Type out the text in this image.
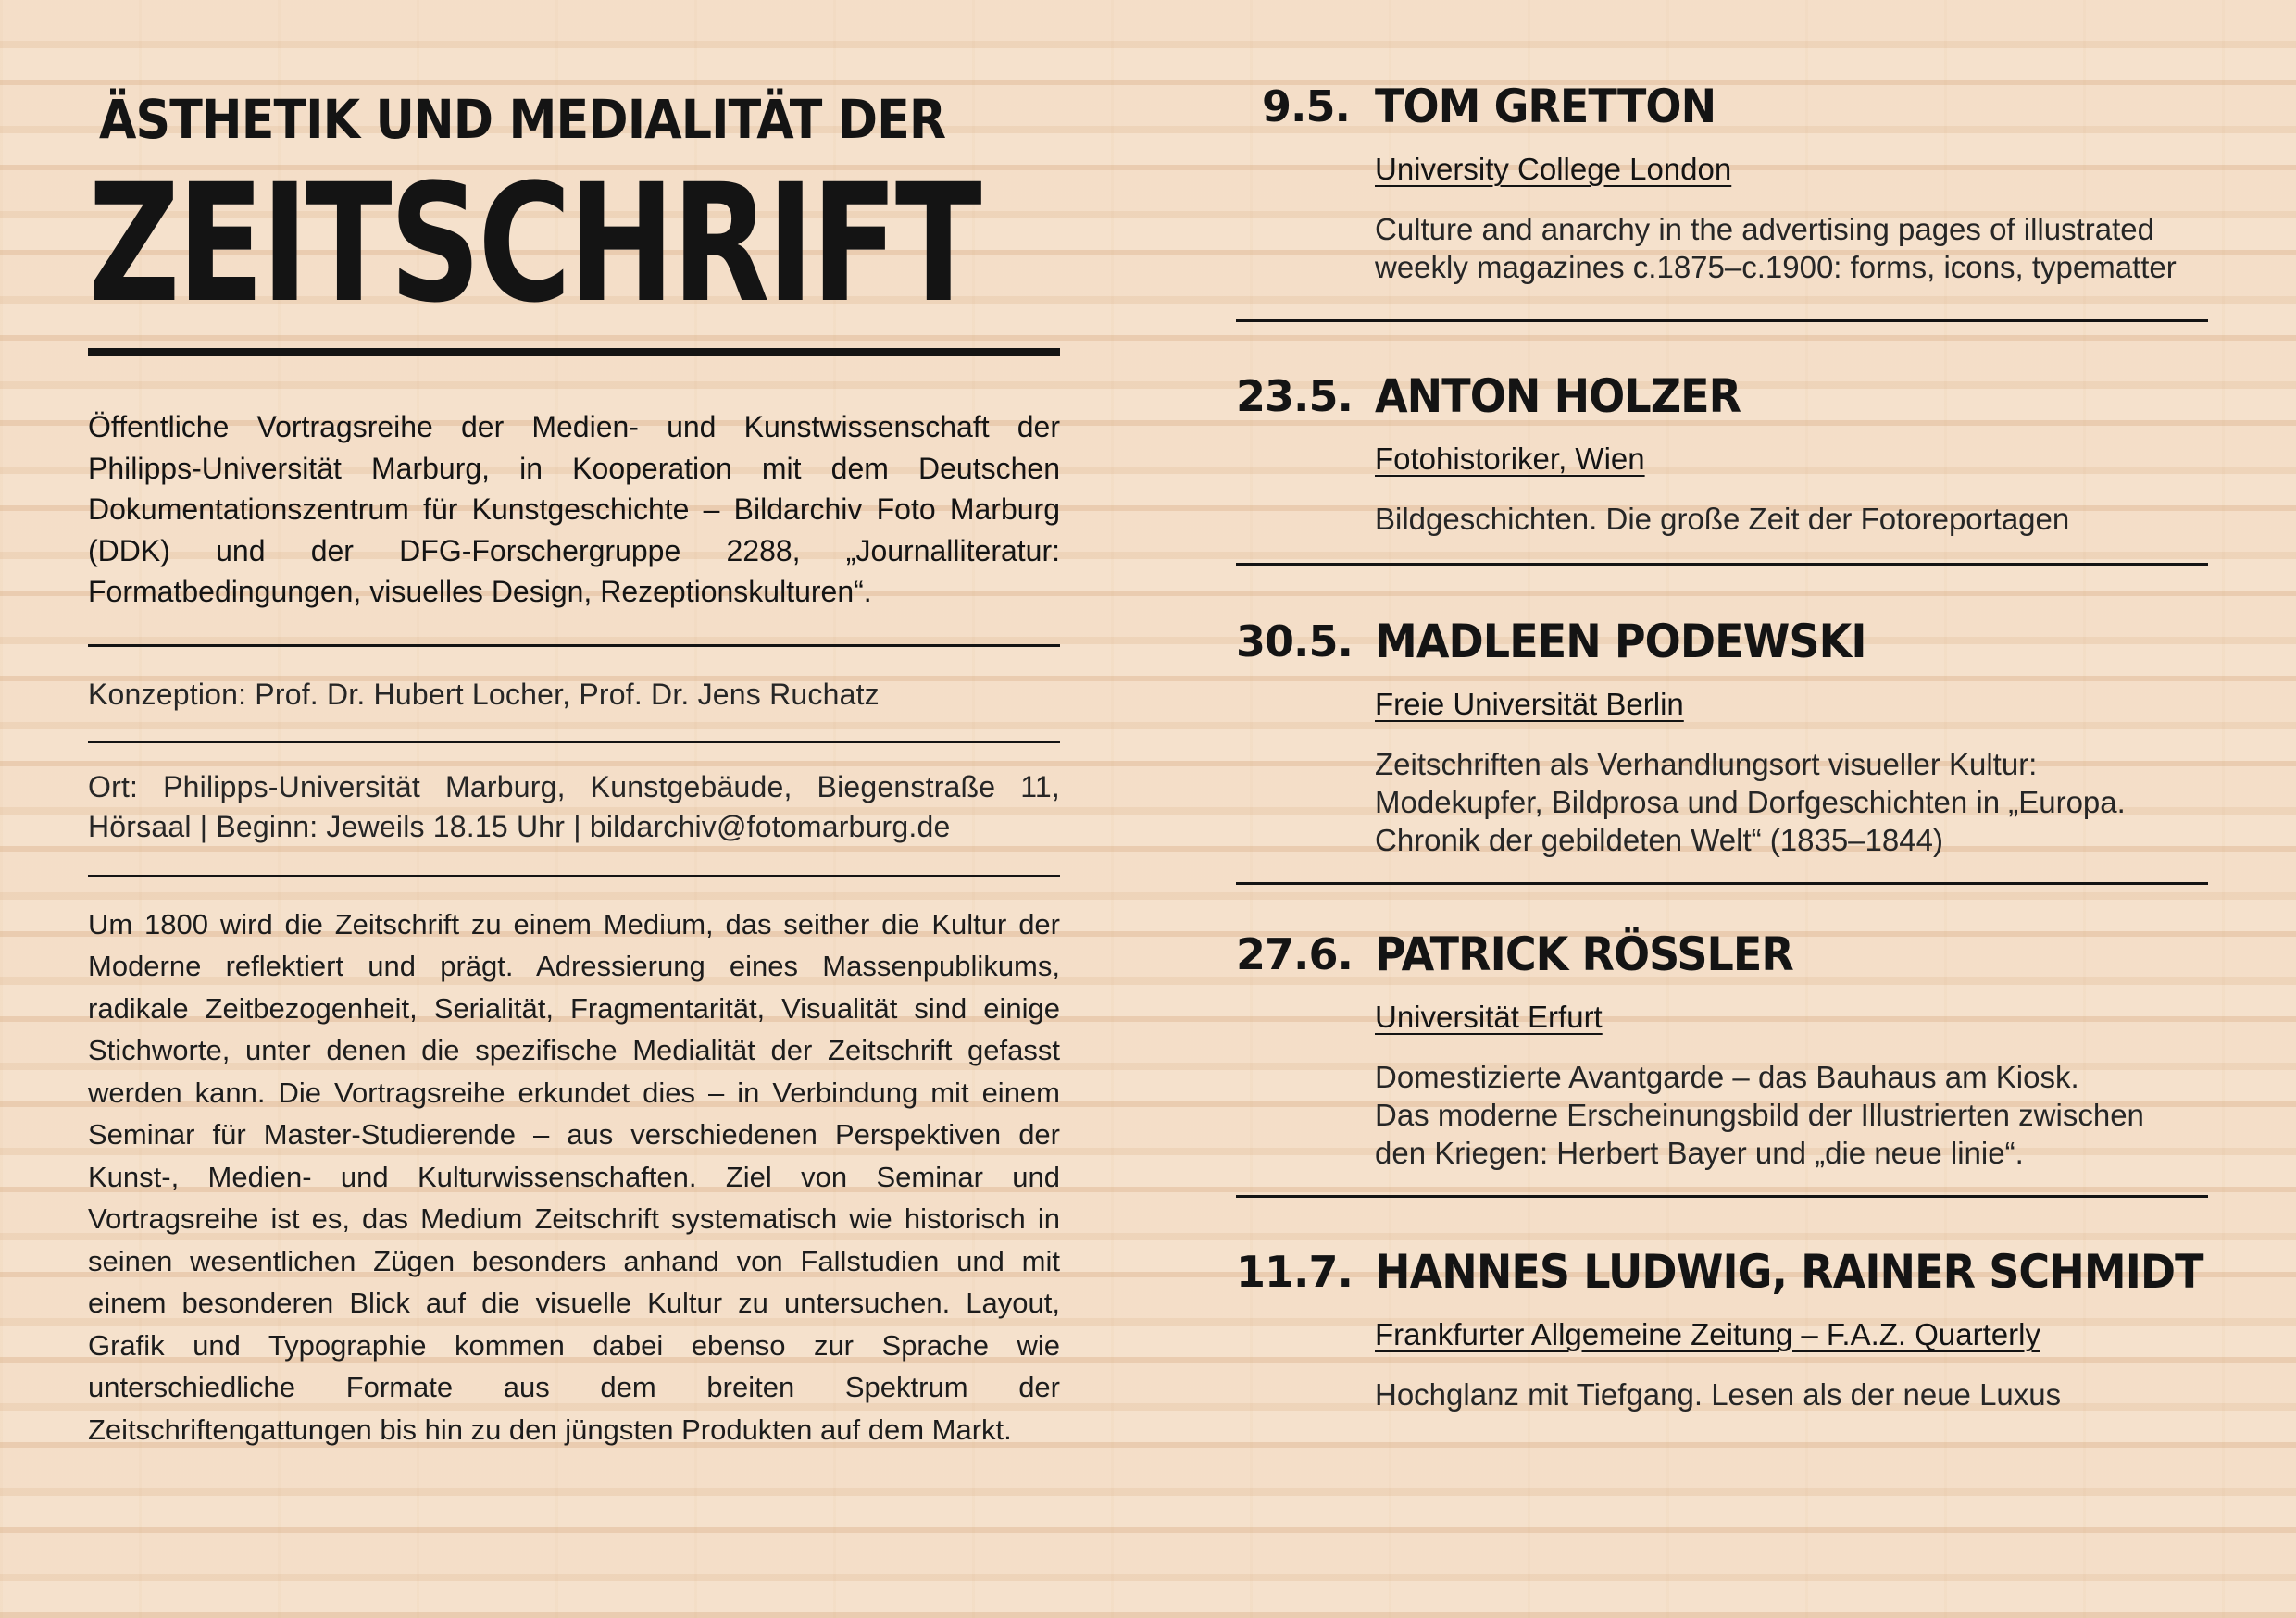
ÄSTHETIK UND MEDIALITÄT DER
ZEITSCHRIFT
Öffentliche Vortragsreihe der Medien- und Kunstwissenschaft der Philipps-Universität Marburg, in Kooperation mit dem Deutschen Dokumentationszentrum für Kunstgeschichte – Bildarchiv Foto Marburg (DDK) und der DFG-Forschergruppe 2288, „Journalliteratur: Formatbedingungen, visuelles Design, Rezeptionskulturen“.
Konzeption: Prof. Dr. Hubert Locher, Prof. Dr. Jens Ruchatz
Ort: Philipps-Universität Marburg, Kunstgebäude, Biegenstraße 11, Hörsaal | Beginn: Jeweils 18.15 Uhr | bildarchiv@fotomarburg.de
Um 1800 wird die Zeitschrift zu einem Medium, das seither die Kultur der Moderne reflektiert und prägt. Adressierung eines Massenpublikums, radikale Zeitbezogenheit, Serialität, Fragmentarität, Visualität sind einige Stichworte, unter denen die spezifische Medialität der Zeitschrift gefasst werden kann. Die Vortragsreihe erkundet dies – in Verbindung mit einem Seminar für Master-Studierende – aus verschiedenen Perspektiven der Kunst-, Medien- und Kulturwissenschaften. Ziel von Seminar und Vortragsreihe ist es, das Medium Zeitschrift systematisch wie historisch in seinen wesentlichen Zügen besonders anhand von Fallstudien und mit einem besonderen Blick auf die visuelle Kultur zu untersuchen. Layout, Grafik und Typographie kommen dabei ebenso zur Sprache wie unterschiedliche Formate aus dem breiten Spektrum der Zeitschriftengattungen bis hin zu den jüngsten Produkten auf dem Markt.
9.5. TOM GRETTON
University College London
Culture and anarchy in the advertising pages of illustrated
weekly magazines c.1875–c.1900: forms, icons, typematter
23.5. ANTON HOLZER
Fotohistoriker, Wien
Bildgeschichten. Die große Zeit der Fotoreportagen
30.5. MADLEEN PODEWSKI
Freie Universität Berlin
Zeitschriften als Verhandlungsort visueller Kultur:
Modekupfer, Bildprosa und Dorfgeschichten in „Europa.
Chronik der gebildeten Welt“ (1835–1844)
27.6. PATRICK RÖSSLER
Universität Erfurt
Domestizierte Avantgarde – das Bauhaus am Kiosk.
Das moderne Erscheinungsbild der Illustrierten zwischen
den Kriegen: Herbert Bayer und „die neue linie“.
11.7. HANNES LUDWIG, RAINER SCHMIDT
Frankfurter Allgemeine Zeitung – F.A.Z. Quarterly
Hochglanz mit Tiefgang. Lesen als der neue Luxus
